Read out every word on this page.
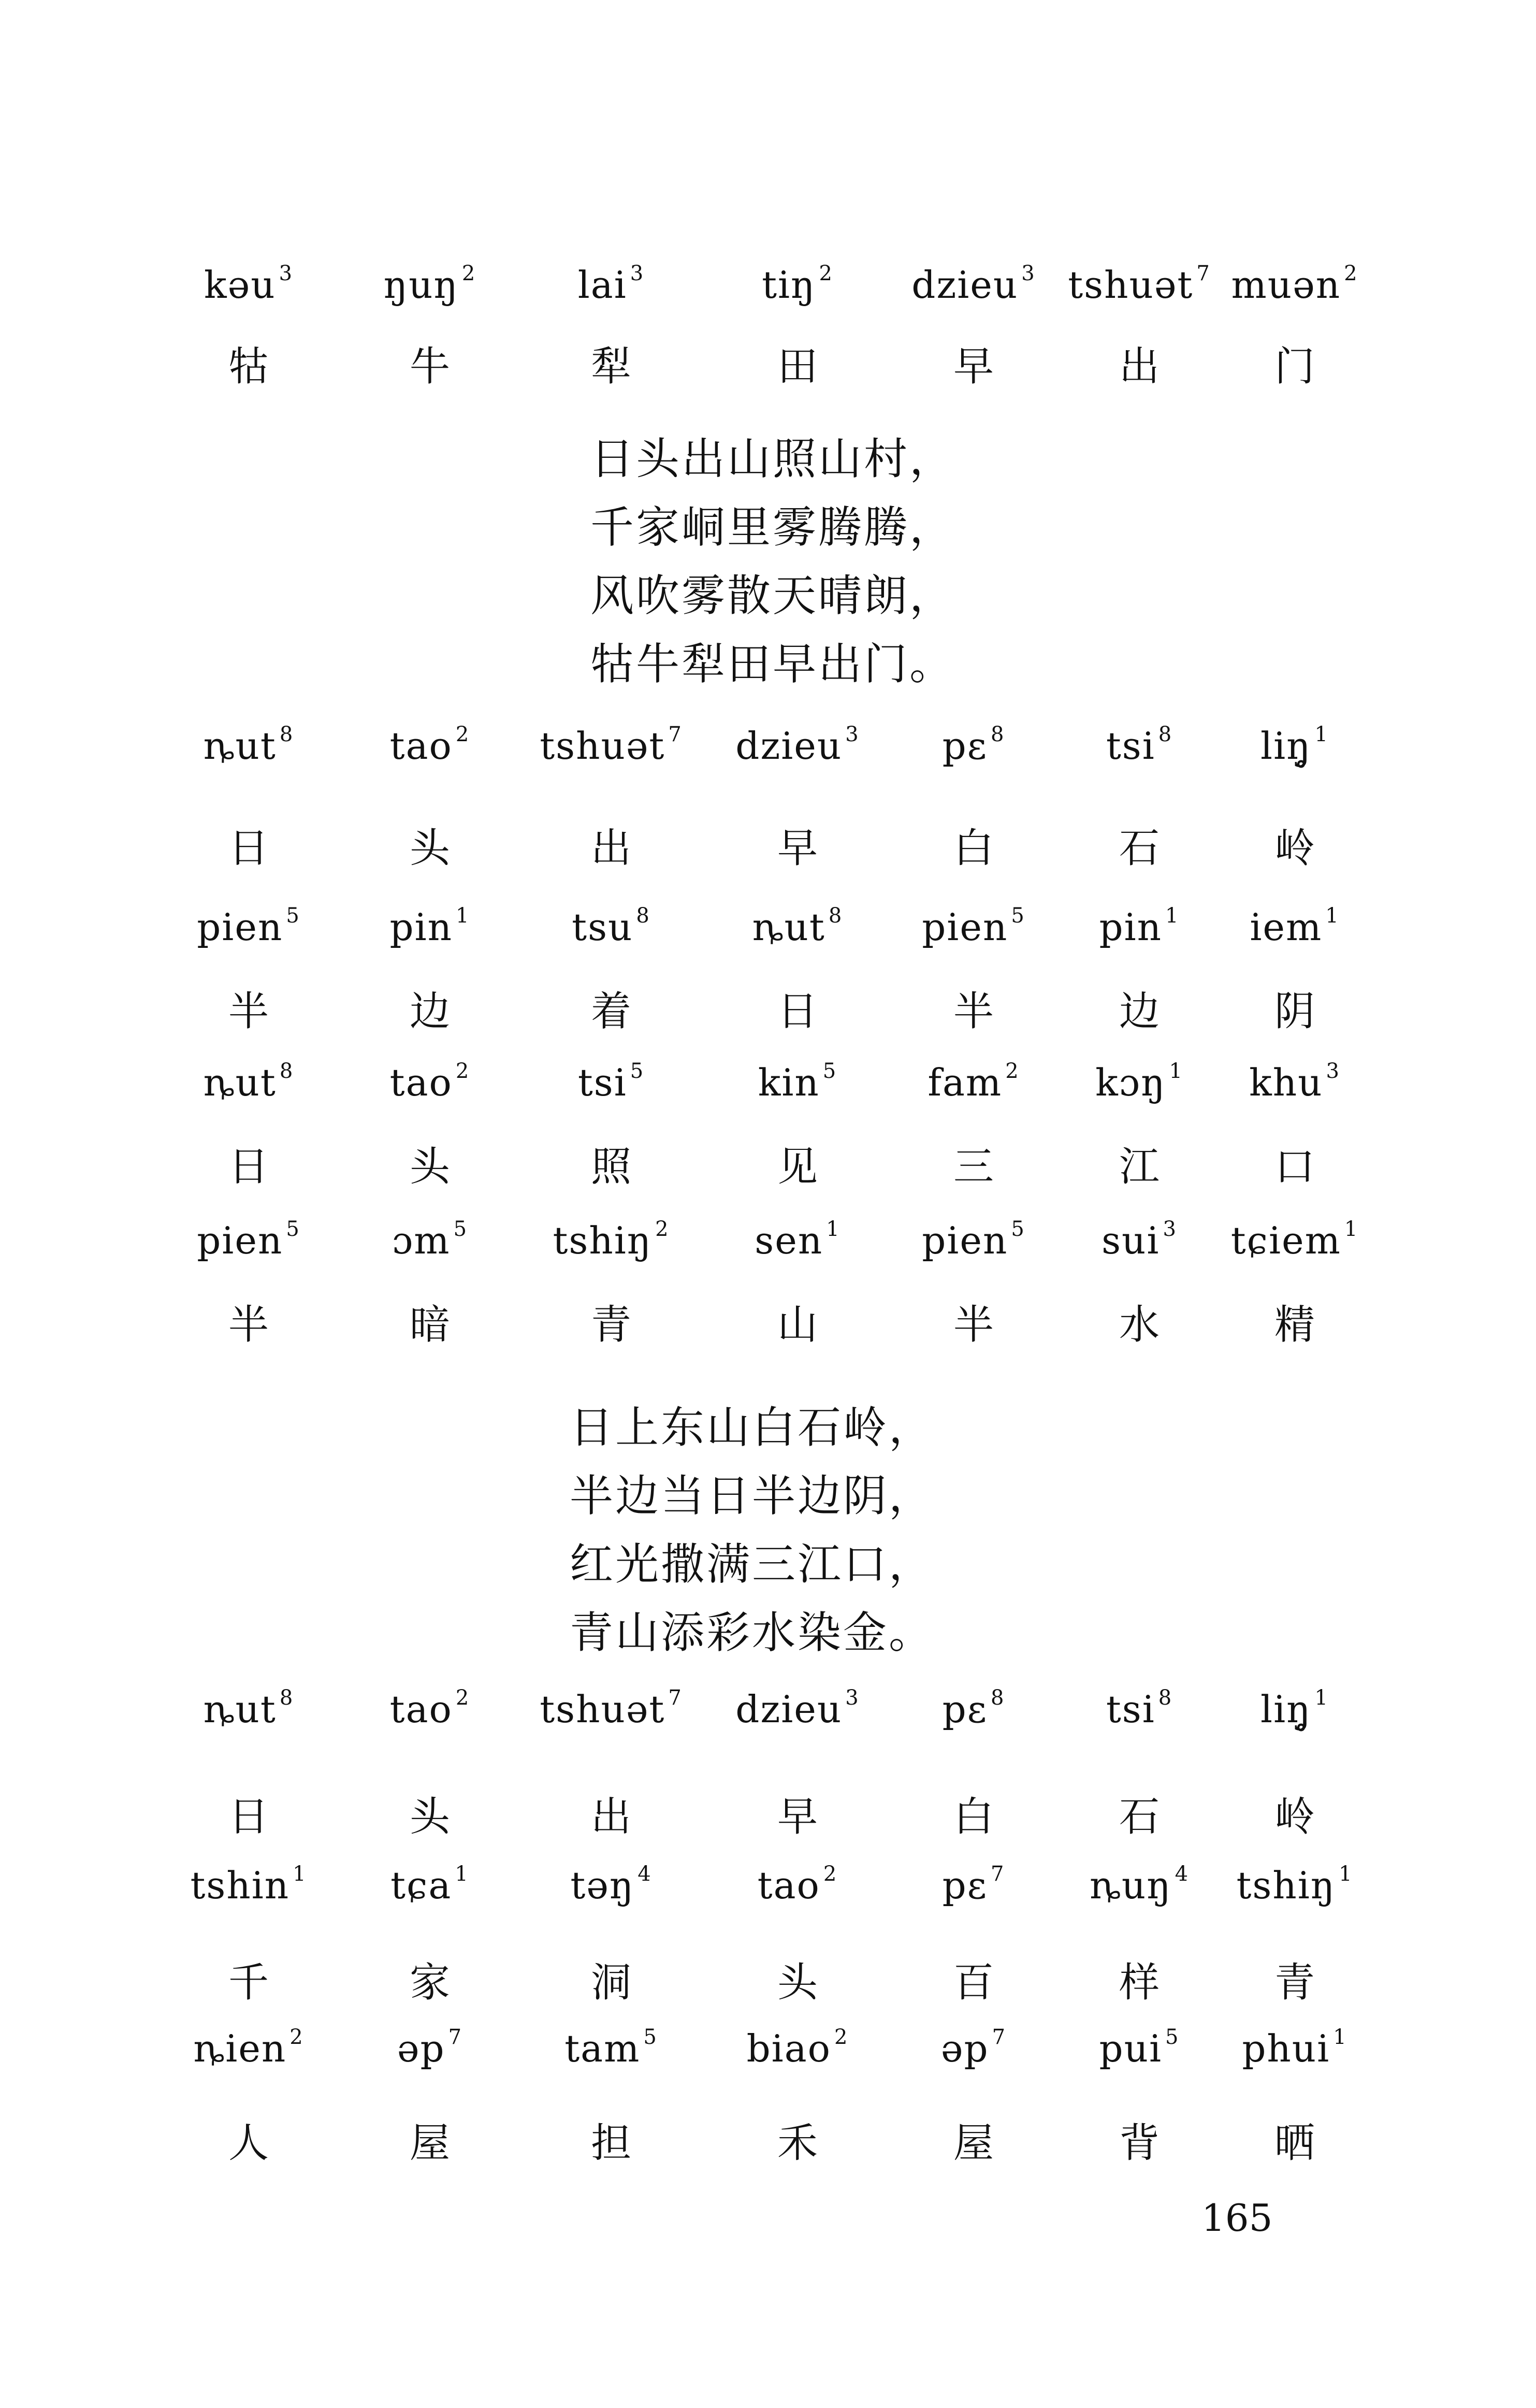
kəu $^3$	ŋuŋ $^2$	lai $^3$	tiŋ $^2$	dzieu $^3$ tshuət $^7$ muən $^2$
牯	牛	犁	田	早	出	门
日头出山照山村，
千家峒里雾腾腾，
风吹雾散天晴朗，
牯牛犁田早出门。
ȵut $^8$	tao $^2$	tshuət $^7$	dzieu $^3$	pɛ $^8$	tsi $^8$	liŋ̥ $^1$
日	头	出	早	白	石	岭
pien $^5$	pin $^1$	tsu $^8$	ȵut $^8$	pien $^5$	pin $^1$	iem $^1$
半	边	着	日	半	边	阴
ȵut $^8$	tao $^2$	tsi $^5$	kin $^5$	fam $^2$	kɔŋ $^1$	khu $^3$
日	头	照	见	三	江	口
pien $^5$	ɔm $^5$	tshiŋ $^2$	sen $^1$	pien $^5$	sui $^3$	tɕiem $^1$
半	暗	青	山	半	水	精
日上东山白石岭，
半边当日半边阴，
红光撒满三江口，
青山添彩水染金。
ȵut $^8$	tao $^2$	tshuət $^7$	dzieu $^3$	pɛ $^8$	tsi $^8$	liŋ̥ $^1$
日	头	出	早	白	石	岭
tshin $^1$	tɕa $^1$	təŋ $^4$	tao $^2$	pɛ $^7$	ȵuŋ $^4$	tshiŋ $^1$
千	家	洞	头	百	样	青
ȵien $^2$	əp $^7$	tam $^5$	biao $^2$	əp $^7$	pui $^5$	phui $^1$
人	屋	担	禾	屋	背	晒
165
